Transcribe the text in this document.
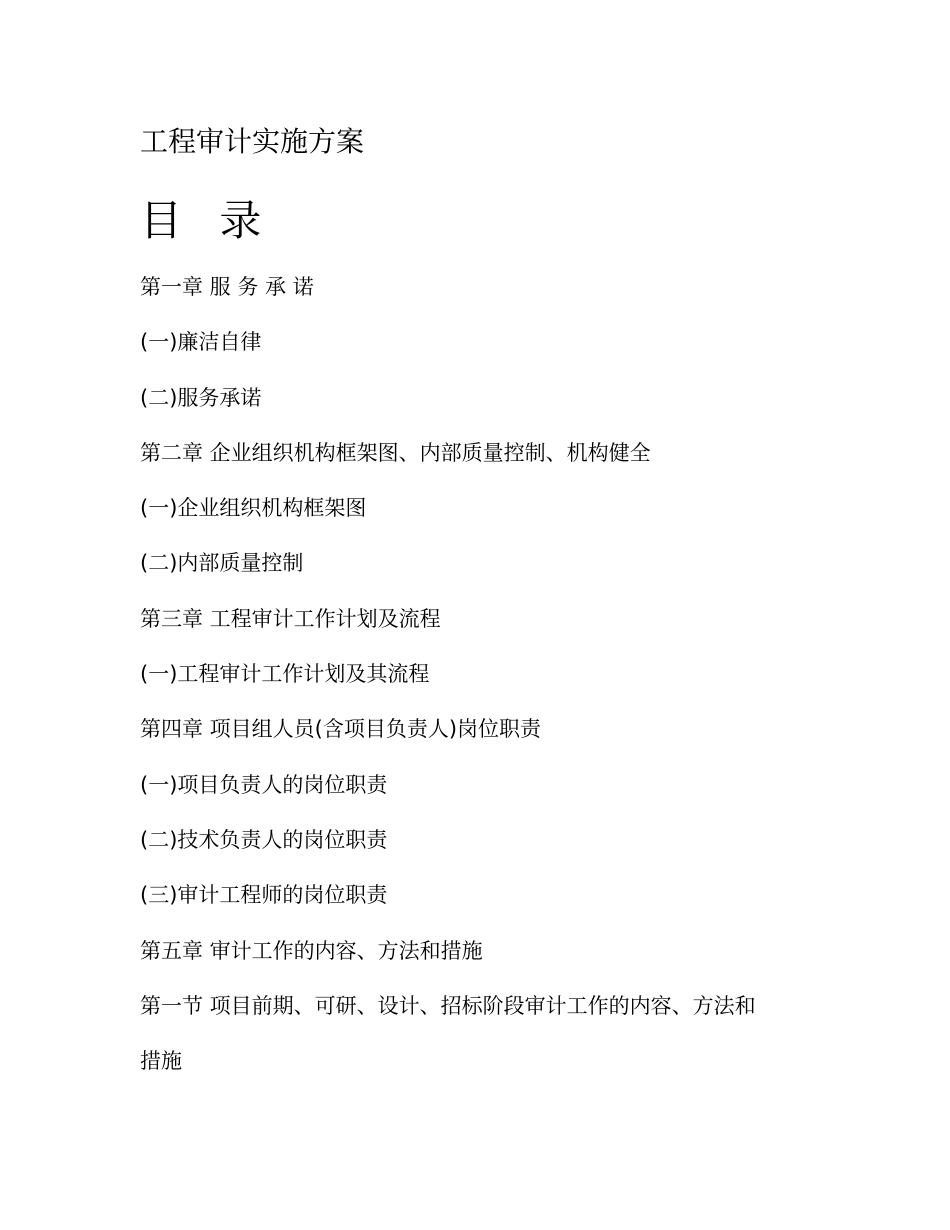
工程审计实施方案
目 录
第一章 服 务 承 诺
(一)廉洁自律
(二)服务承诺
第二章 企业组织机构框架图、内部质量控制、机构健全
(一)企业组织机构框架图
(二)内部质量控制
第三章 工程审计工作计划及流程
(一)工程审计工作计划及其流程
第四章 项目组人员(含项目负责人)岗位职责
(一)项目负责人的岗位职责
(二)技术负责人的岗位职责
(三)审计工程师的岗位职责
第五章 审计工作的内容、方法和措施
第一节 项目前期、可研、设计、招标阶段审计工作的内容、方法和
措施
